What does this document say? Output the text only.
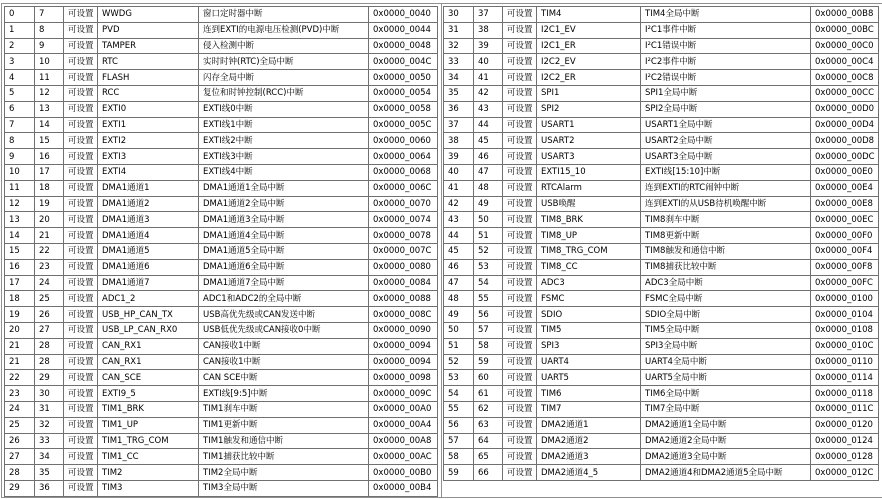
0	7	可设置	WWDG	窗口定时器中断	0x0000_0040
1	8	可设置	PVD	连到EXTI的电源电压检测(PVD)中断	0x0000_0044
2	9	可设置	TAMPER	侵入检测中断	0x0000_0048
3	10	可设置	RTC	实时时钟(RTC)全局中断	0x0000_004C
4	11	可设置	FLASH	闪存全局中断	0x0000_0050
5	12	可设置	RCC	复位和时钟控制(RCC)中断	0x0000_0054
6	13	可设置	EXTI0	EXTI线0中断	0x0000_0058
7	14	可设置	EXTI1	EXTI线1中断	0x0000_005C
8	15	可设置	EXTI2	EXTI线2中断	0x0000_0060
9	16	可设置	EXTI3	EXTI线3中断	0x0000_0064
10	17	可设置	EXTI4	EXTI线4中断	0x0000_0068
11	18	可设置	DMA1通道1	DMA1通道1全局中断	0x0000_006C
12	19	可设置	DMA1通道2	DMA1通道2全局中断	0x0000_0070
13	20	可设置	DMA1通道3	DMA1通道3全局中断	0x0000_0074
14	21	可设置	DMA1通道4	DMA1通道4全局中断	0x0000_0078
15	22	可设置	DMA1通道5	DMA1通道5全局中断	0x0000_007C
16	23	可设置	DMA1通道6	DMA1通道6全局中断	0x0000_0080
17	24	可设置	DMA1通道7	DMA1通道7全局中断	0x0000_0084
18	25	可设置	ADC1_2	ADC1和ADC2的全局中断	0x0000_0088
19	26	可设置	USB_HP_CAN_TX	USB高优先级或CAN发送中断	0x0000_008C
20	27	可设置	USB_LP_CAN_RX0	USB低优先级或CAN接收0中断	0x0000_0090
21	28	可设置	CAN_RX1	CAN接收1中断	0x0000_0094
21	28	可设置	CAN_RX1	CAN接收1中断	0x0000_0094
22	29	可设置	CAN_SCE	CAN SCE中断	0x0000_0098
23	30	可设置	EXTI9_5	EXTI线[9:5]中断	0x0000_009C
24	31	可设置	TIM1_BRK	TIM1刹车中断	0x0000_00A0
25	32	可设置	TIM1_UP	TIM1更新中断	0x0000_00A4
26	33	可设置	TIM1_TRG_COM	TIM1触发和通信中断	0x0000_00A8
27	34	可设置	TIM1_CC	TIM1捕获比较中断	0x0000_00AC
28	35	可设置	TIM2	TIM2全局中断	0x0000_00B0
29	36	可设置	TIM3	TIM3全局中断	0x0000_00B4
30	37	可设置	TIM4	TIM4全局中断	0x0000_00B8
31	38	可设置	I2C1_EV	I²C1事件中断	0x0000_00BC
32	39	可设置	I2C1_ER	I²C1错误中断	0x0000_00C0
33	40	可设置	I2C2_EV	I²C2事件中断	0x0000_00C4
34	41	可设置	I2C2_ER	I²C2错误中断	0x0000_00C8
35	42	可设置	SPI1	SPI1全局中断	0x0000_00CC
36	43	可设置	SPI2	SPI2全局中断	0x0000_00D0
37	44	可设置	USART1	USART1全局中断	0x0000_00D4
38	45	可设置	USART2	USART2全局中断	0x0000_00D8
39	46	可设置	USART3	USART3全局中断	0x0000_00DC
40	47	可设置	EXTI15_10	EXTI线[15:10]中断	0x0000_00E0
41	48	可设置	RTCAlarm	连到EXTI的RTC闹钟中断	0x0000_00E4
42	49	可设置	USB唤醒	连到EXTI的从USB待机唤醒中断	0x0000_00E8
43	50	可设置	TIM8_BRK	TIM8刹车中断	0x0000_00EC
44	51	可设置	TIM8_UP	TIM8更新中断	0x0000_00F0
45	52	可设置	TIM8_TRG_COM	TIM8触发和通信中断	0x0000_00F4
46	53	可设置	TIM8_CC	TIM8捕获比较中断	0x0000_00F8
47	54	可设置	ADC3	ADC3全局中断	0x0000_00FC
48	55	可设置	FSMC	FSMC全局中断	0x0000_0100
49	56	可设置	SDIO	SDIO全局中断	0x0000_0104
50	57	可设置	TIM5	TIM5全局中断	0x0000_0108
51	58	可设置	SPI3	SPI3全局中断	0x0000_010C
52	59	可设置	UART4	UART4全局中断	0x0000_0110
53	60	可设置	UART5	UART5全局中断	0x0000_0114
54	61	可设置	TIM6	TIM6全局中断	0x0000_0118
55	62	可设置	TIM7	TIM7全局中断	0x0000_011C
56	63	可设置	DMA2通道1	DMA2通道1全局中断	0x0000_0120
57	64	可设置	DMA2通道2	DMA2通道2全局中断	0x0000_0124
58	65	可设置	DMA2通道3	DMA2通道3全局中断	0x0000_0128
59	66	可设置	DMA2通道4_5	DMA2通道4和DMA2通道5全局中断	0x0000_012C
